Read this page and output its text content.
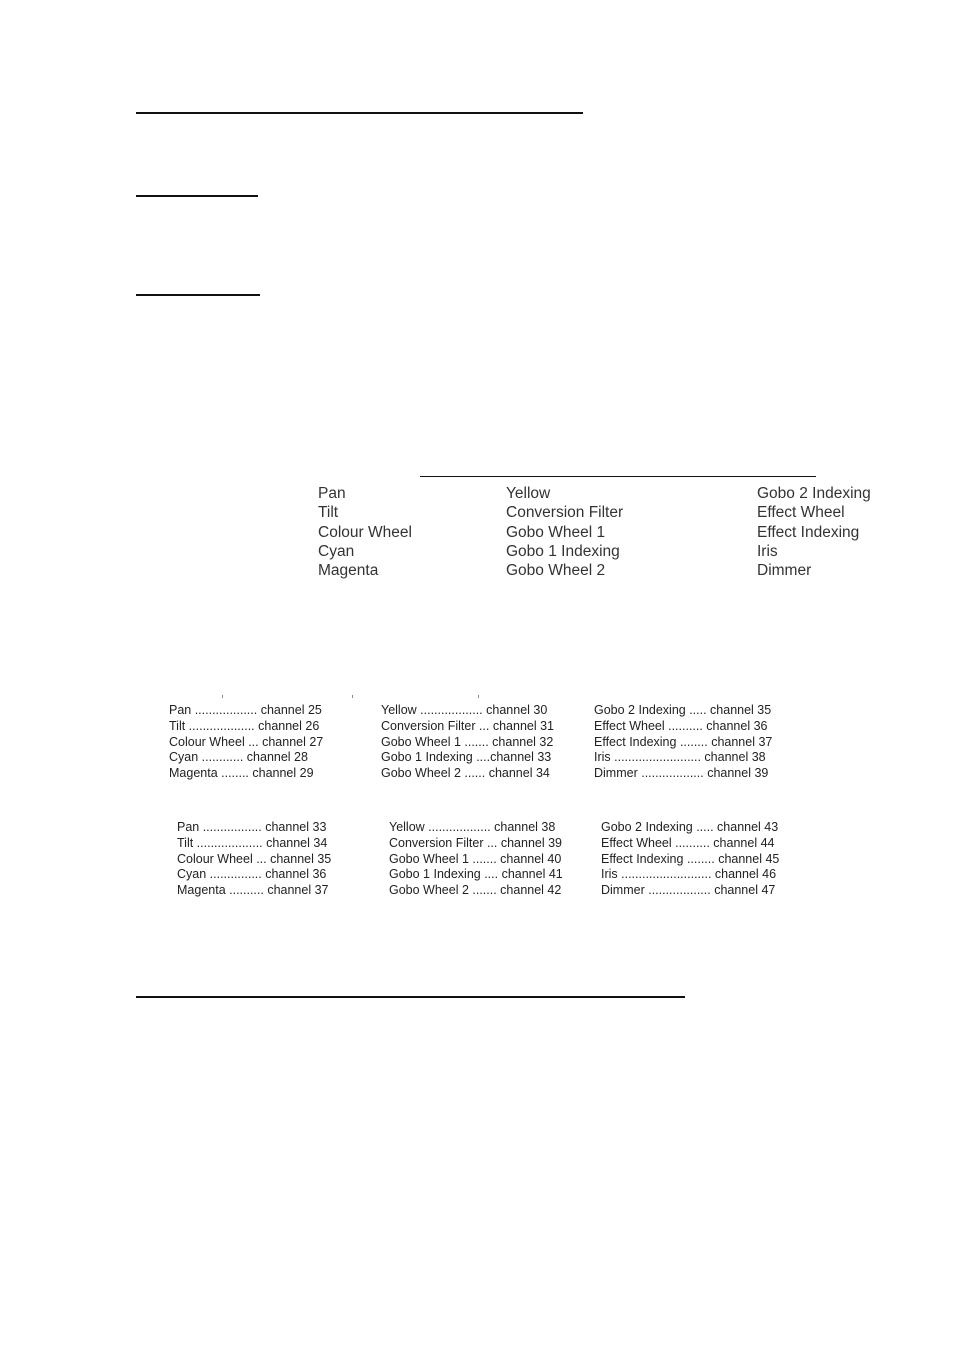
Pan
Tilt
Colour Wheel
Cyan
Magenta
Yellow
Conversion Filter
Gobo Wheel 1
Gobo 1 Indexing
Gobo Wheel 2
Gobo 2 Indexing
Effect Wheel
Effect Indexing
Iris
Dimmer
Pan .................. channel 25
Tilt ................... channel 26
Colour Wheel ... channel 27
Cyan ............ channel 28
Magenta ........ channel 29
Yellow .................. channel 30
Conversion Filter ... channel 31
Gobo Wheel 1 ....... channel 32
Gobo 1 Indexing ....channel 33
Gobo Wheel 2 ...... channel 34
Gobo 2 Indexing ..... channel 35
Effect Wheel .......... channel 36
Effect Indexing ........ channel 37
Iris ......................... channel 38
Dimmer .................. channel 39
Pan ................. channel 33
Tilt ................... channel 34
Colour Wheel ... channel 35
Cyan ............... channel 36
Magenta .......... channel 37
Yellow .................. channel 38
Conversion Filter ... channel 39
Gobo Wheel 1 ....... channel 40
Gobo 1 Indexing .... channel 41
Gobo Wheel 2 ....... channel 42
Gobo 2 Indexing ..... channel 43
Effect Wheel .......... channel 44
Effect Indexing ........ channel 45
Iris .......................... channel 46
Dimmer .................. channel 47
